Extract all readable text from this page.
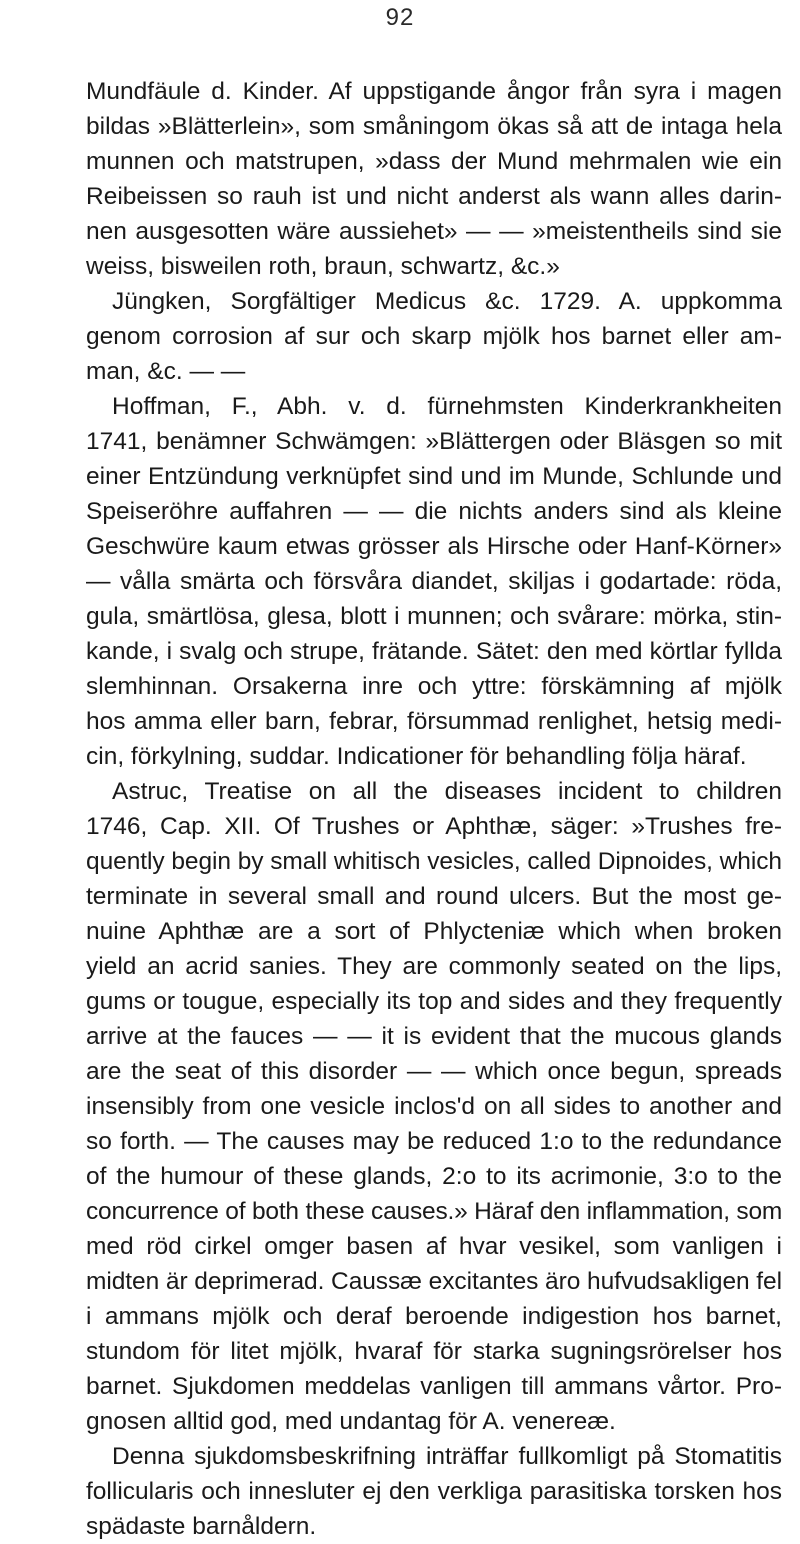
92
Mundfäule d. Kinder. Af uppstigande ångor från syra i magen
bildas »Blätterlein», som småningom ökas så att de intaga hela
munnen och matstrupen, »dass der Mund mehrmalen wie ein
Reibeissen so rauh ist und nicht anderst als wann alles darin-
nen ausgesotten wäre aussiehet» — — »meistentheils sind sie
weiss, bisweilen roth, braun, schwartz, &c.»
Jüngken, Sorgfältiger Medicus &c. 1729. A. uppkomma
genom corrosion af sur och skarp mjölk hos barnet eller am-
man, &c. — —
Hoffman, F., Abh. v. d. fürnehmsten Kinderkrankheiten
1741, benämner Schwämgen: »Blättergen oder Bläsgen so mit
einer Entzündung verknüpfet sind und im Munde, Schlunde und
Speiseröhre auffahren — — die nichts anders sind als kleine
Geschwüre kaum etwas grösser als Hirsche oder Hanf-Körner»
— vålla smärta och försvåra diandet, skiljas i godartade: röda,
gula, smärtlösa, glesa, blott i munnen; och svårare: mörka, stin-
kande, i svalg och strupe, frätande. Sätet: den med körtlar fyllda
slemhinnan. Orsakerna inre och yttre: förskämning af mjölk
hos amma eller barn, febrar, försummad renlighet, hetsig medi-
cin, förkylning, suddar. Indicationer för behandling följa häraf.
Astruc, Treatise on all the diseases incident to children
1746, Cap. XII. Of Trushes or Aphthæ, säger: »Trushes fre-
quently begin by small whitisch vesicles, called Dipnoides, which
terminate in several small and round ulcers. But the most ge-
nuine Aphthæ are a sort of Phlycteniæ which when broken
yield an acrid sanies. They are commonly seated on the lips,
gums or tougue, especially its top and sides and they frequently
arrive at the fauces — — it is evident that the mucous glands
are the seat of this disorder — — which once begun, spreads
insensibly from one vesicle inclos'd on all sides to another and
so forth. — The causes may be reduced 1:o to the redundance
of the humour of these glands, 2:o to its acrimonie, 3:o to the
concurrence of both these causes.» Häraf den inflammation, som
med röd cirkel omger basen af hvar vesikel, som vanligen i
midten är deprimerad. Caussæ excitantes äro hufvudsakligen fel
i ammans mjölk och deraf beroende indigestion hos barnet,
stundom för litet mjölk, hvaraf för starka sugningsrörelser hos
barnet. Sjukdomen meddelas vanligen till ammans vårtor. Pro-
gnosen alltid god, med undantag för A. venereæ.
Denna sjukdomsbeskrifning inträffar fullkomligt på Stomatitis
follicularis och innesluter ej den verkliga parasitiska torsken hos
spädaste barnåldern.
